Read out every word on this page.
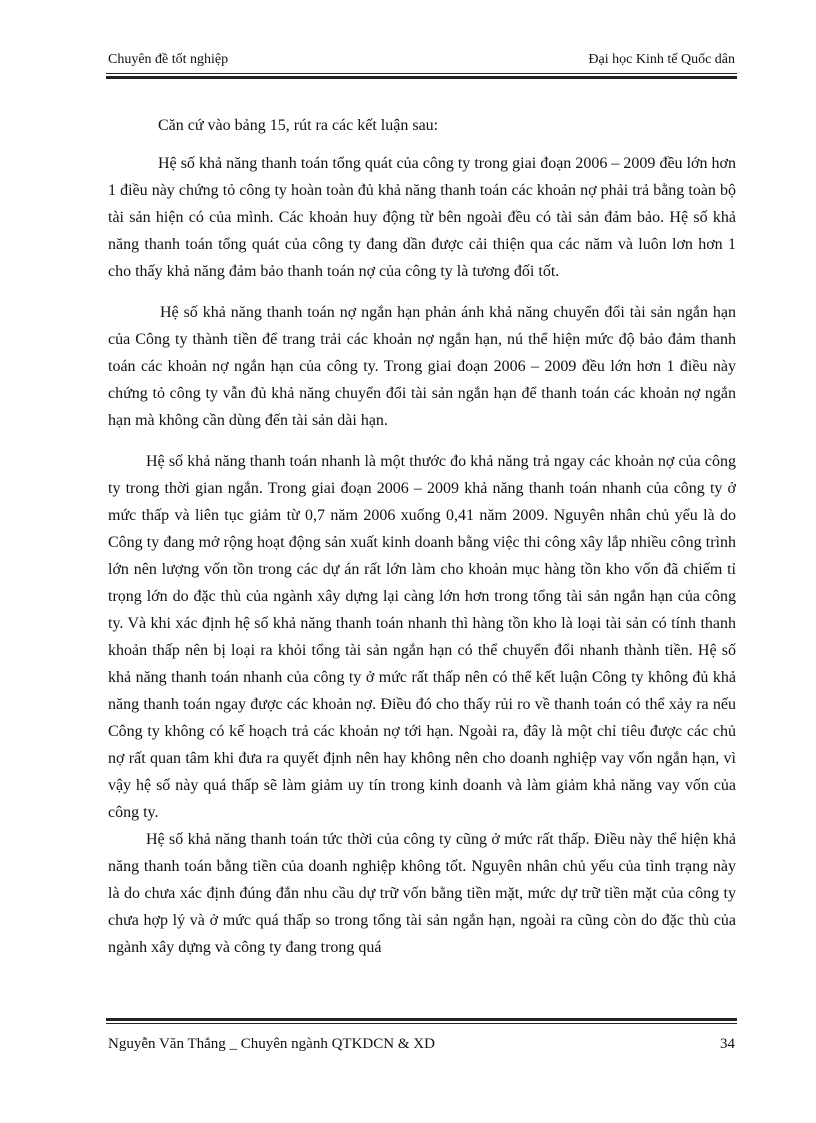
Chuyên đề tốt nghiệp	Đại học Kinh tế Quốc dân

Căn cứ vào bảng 15, rút ra các kết luận sau:

Hệ số khả năng thanh toán tổng quát của công ty trong giai đoạn 2006 – 2009 đều lớn hơn 1 điều này chứng tỏ công ty hoàn toàn đủ khả năng thanh toán các khoản nợ phải trả bằng toàn bộ tài sản hiện có của mình. Các khoản huy động từ bên ngoài đều có tài sản đảm bảo. Hệ số khả năng thanh toán tổng quát của công ty đang dần được cải thiện qua các năm và luôn lơn hơn 1 cho thấy khả năng đảm bảo thanh toán nợ của công ty là tương đối tốt.

Hệ số khả năng thanh toán nợ ngắn hạn phản ánh khả năng chuyển đổi tài sản ngắn hạn của Công ty thành tiền để trang trải các khoản nợ ngắn hạn, nú thể hiện mức độ bảo đảm thanh toán các khoản nợ ngắn hạn của công ty. Trong giai đoạn 2006 – 2009 đều lớn hơn 1 điều này chứng tỏ công ty vẫn đủ khả năng chuyển đổi tài sản ngắn hạn để thanh toán các khoản nợ ngắn hạn mà không cần dùng đến tài sản dài hạn.

Hệ số khả năng thanh toán nhanh là một thước đo khả năng trả ngay các khoản nợ của công ty trong thời gian ngắn. Trong giai đoạn 2006 – 2009 khả năng thanh toán nhanh của công ty ở mức thấp và liên tục giảm từ 0,7 năm 2006 xuống 0,41 năm 2009. Nguyên nhân chủ yếu là do Công ty đang mở rộng hoạt động sản xuất kinh doanh bằng việc thi công xây lắp nhiều công trình lớn nên lượng vốn tồn trong các dự án rất lớn làm cho khoản mục hàng tồn kho vốn đã chiếm tỉ trọng lớn do đặc thù của ngành xây dựng lại càng lớn hơn trong tổng tài sản ngắn hạn của công ty. Và khi xác định hệ số khả năng thanh toán nhanh thì hàng tồn kho là loại tài sản có tính thanh khoản thấp nên bị loại ra khỏi tổng tài sản ngắn hạn có thể chuyển đổi nhanh thành tiền. Hệ số khả năng thanh toán nhanh của công ty ở mức rất thấp nên có thể kết luận Công ty không đủ khả năng thanh toán ngay được các khoản nợ. Điều đó cho thấy rủi ro về thanh toán có thể xảy ra nếu Công ty không có kế hoạch trả các khoản nợ tới hạn. Ngoài ra, đây là một chỉ tiêu được các chủ nợ rất quan tâm khi đưa ra quyết định nên hay không nên cho doanh nghiệp vay vốn ngắn hạn, vì vậy hệ số này quá thấp sẽ làm giảm uy tín trong kinh doanh và làm giảm khả năng vay vốn của công ty.

Hệ số khả năng thanh toán tức thời của công ty cũng ở mức rất thấp. Điều này thể hiện khả năng thanh toán bằng tiền của doanh nghiệp không tốt. Nguyên nhân chủ yếu của tình trạng này là do chưa xác định đúng đắn nhu cầu dự trữ vốn bằng tiền mặt, mức dự trữ tiền mặt của công ty chưa hợp lý và ở mức quá thấp so trong tổng tài sản ngắn hạn, ngoài ra cũng còn do đặc thù của ngành xây dựng và công ty đang trong quá

Nguyễn Văn Thắng _ Chuyên ngành QTKDCN & XD	34
